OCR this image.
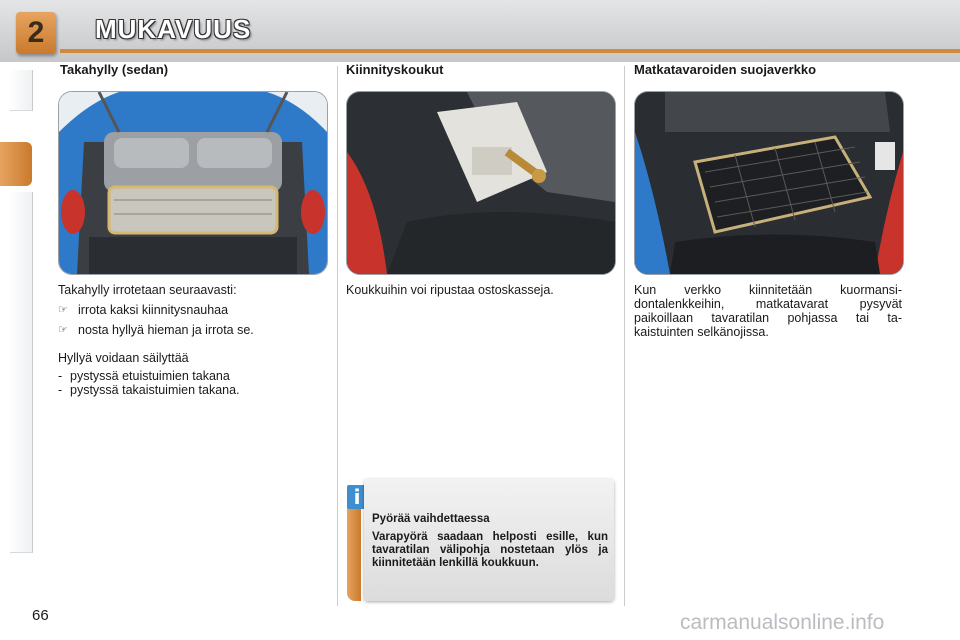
2	MUKAVUUS
Takahylly (sedan)

Takahylly irrotetaan seuraavasti:

☞ irrota kaksi kiinnitysnauhaa
☞ nosta hyllyä hieman ja irrota se.

Hyllyä voidaan säilyttää

- pystyssä etuistuimien takana
- pystyssä takaistuimien takana.
Kiinnityskoukut
Koukkuihin voi ripustaa ostoskasseja.
Matkatavaroiden suojaverkko
Kun verkko kiinnitetään kuormansi-dontalenkkeihin, matkatavarat pysyvät paikoillaan tavaratilan pohjassa tai ta-kaistuinten selkänojissa.
i
Pyörää vaihdettaessa
Varapyörä saadaan helposti esille, kun tavaratilan välipohja nostetaan ylös ja kiinnitetään lenkillä koukkuun.
66	carmanualsonline.info
